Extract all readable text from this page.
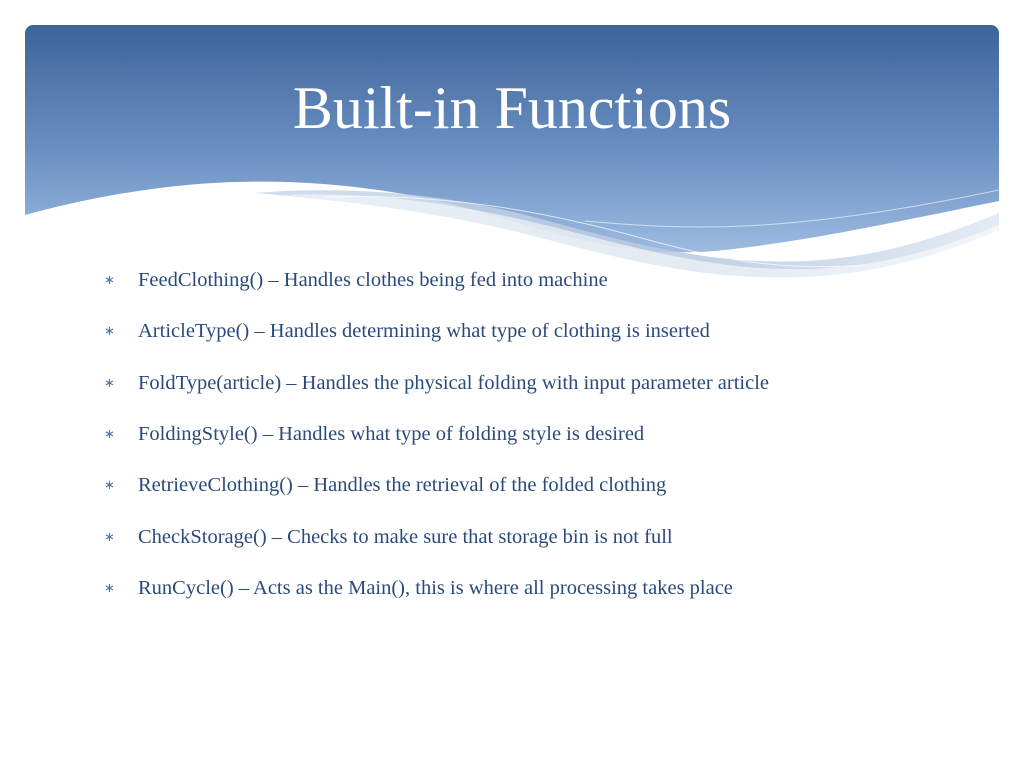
Built-in Functions
∗	FeedClothing() – Handles clothes being fed into machine
∗	ArticleType() – Handles determining what type of clothing is inserted
∗	FoldType(article) – Handles the physical folding with input parameter article
∗	FoldingStyle() – Handles what type of folding style is desired
∗	RetrieveClothing() – Handles the retrieval of the folded clothing
∗	CheckStorage() – Checks to make sure that storage bin is not full
∗	RunCycle() – Acts as the Main(), this is where all processing takes place
